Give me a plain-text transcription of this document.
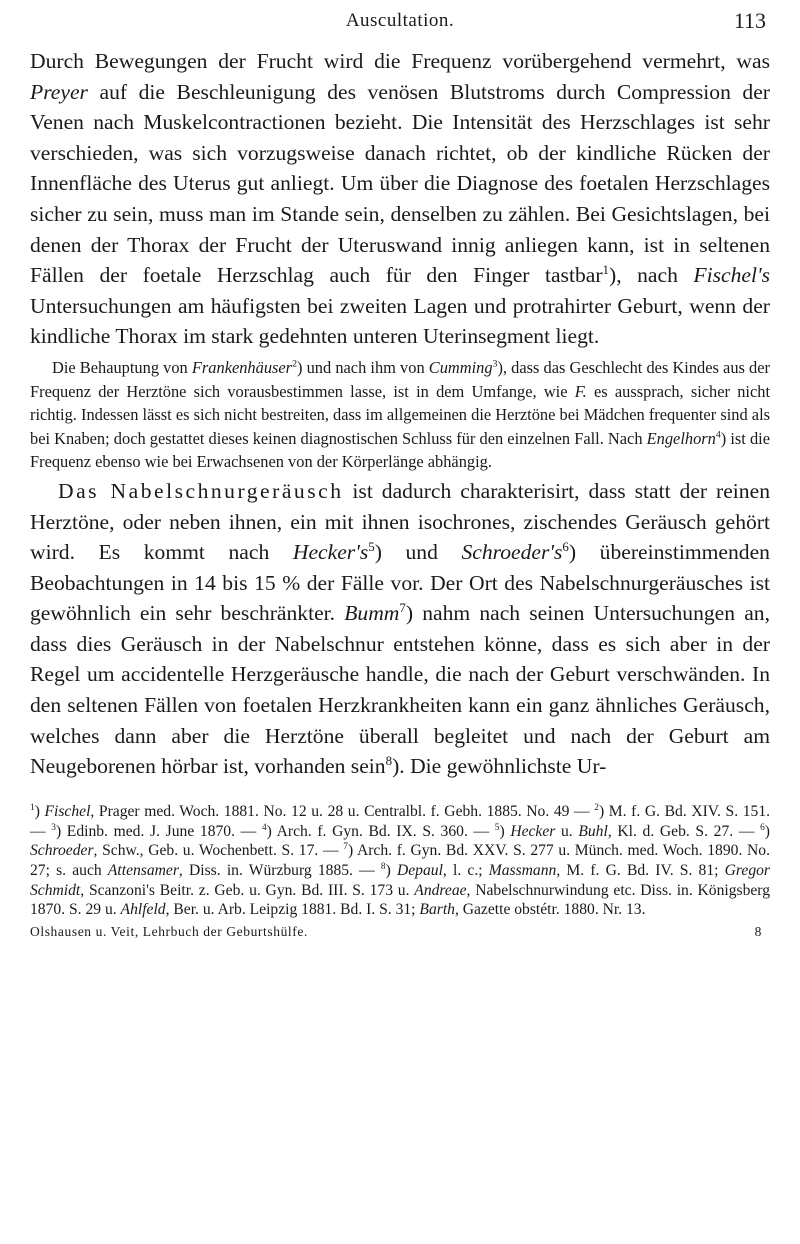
Auscultation.	113

Durch Bewegungen der Frucht wird die Frequenz vorübergehend vermehrt, was Preyer auf die Beschleunigung des venösen Blutstroms durch Compression der Venen nach Muskelcontractionen bezieht. Die Intensität des Herzschlages ist sehr verschieden, was sich vorzugsweise danach richtet, ob der kindliche Rücken der Innenfläche des Uterus gut anliegt. Um über die Diagnose des foetalen Herzschlages sicher zu sein, muss man im Stande sein, denselben zu zählen. Bei Gesichtslagen, bei denen der Thorax der Frucht der Uteruswand innig anliegen kann, ist in seltenen Fällen der foetale Herzschlag auch für den Finger tastbar$^1$), nach Fischel's Untersuchungen am häufigsten bei zweiten Lagen und protrahirter Geburt, wenn der kindliche Thorax im stark gedehnten unteren Uterinsegment liegt.

Die Behauptung von Frankenhäuser$^2$) und nach ihm von Cumming$^3$), dass das Geschlecht des Kindes aus der Frequenz der Herztöne sich vorausbestimmen lasse, ist in dem Umfange, wie F. es aussprach, sicher nicht richtig. Indessen lässt es sich nicht bestreiten, dass im allgemeinen die Herztöne bei Mädchen frequenter sind als bei Knaben; doch gestattet dieses keinen diagnostischen Schluss für den einzelnen Fall. Nach Engelhorn$^4$) ist die Frequenz ebenso wie bei Erwachsenen von der Körperlänge abhängig.

Das Nabelschnurgeräusch ist dadurch charakterisirt, dass statt der reinen Herztöne, oder neben ihnen, ein mit ihnen isochrones, zischendes Geräusch gehört wird. Es kommt nach $Hecker's^5$) und $Schroeder's^6$) übereinstimmenden Beobachtungen in 14 bis 15 % der Fälle vor. Der Ort des Nabelschnurgeräusches ist gewöhnlich ein sehr beschränkter. Bumm$^7$) nahm nach seinen Untersuchungen an, dass dies Geräusch in der Nabelschnur entstehen könne, dass es sich aber in der Regel um accidentelle Herzgeräusche handle, die nach der Geburt verschwänden. In den seltenen Fällen von foetalen Herzkrankheiten kann ein ganz ähnliches Geräusch, welches dann aber die Herztöne überall begleitet und nach der Geburt am Neugeborenen hörbar ist, vorhanden sein$^8$). Die gewöhnlichste Ur-

$^1$) Fischel, Prager med. Woch. 1881. No. 12 u. 28 u. Centralbl. f. Gebh. 1885. No. 49 — $^2$) M. f. G. Bd. XIV. S. 151. — $^3$) Edinb. med. J. June 1870. — $^4$) Arch. f. Gyn. Bd. IX. S. 360. — $^5$) Hecker u. Buhl, Kl. d. Geb. S. 27. — $^6$) Schroeder, Schw., Geb. u. Wochenbett. S. 17. — $^7$) Arch. f. Gyn. Bd. XXV. S. 277 u. Münch. med. Woch. 1890. No. 27; s. auch Attensamer, Diss. in. Würzburg 1885. — $^8$) Depaul, l. c.; Massmann, M. f. G. Bd. IV. S. 81; Gregor Schmidt, Scanzoni's Beitr. z. Geb. u. Gyn. Bd. III. S. 173 u. Andreae, Nabelschnurwindung etc. Diss. in. Königsberg 1870. S. 29 u. Ahlfeld, Ber. u. Arb. Leipzig 1881. Bd. I. S. 31; Barth, Gazette obstétr. 1880. Nr. 13.

Olshausen u. Veit, Lehrbuch der Geburtshülfe.	8
